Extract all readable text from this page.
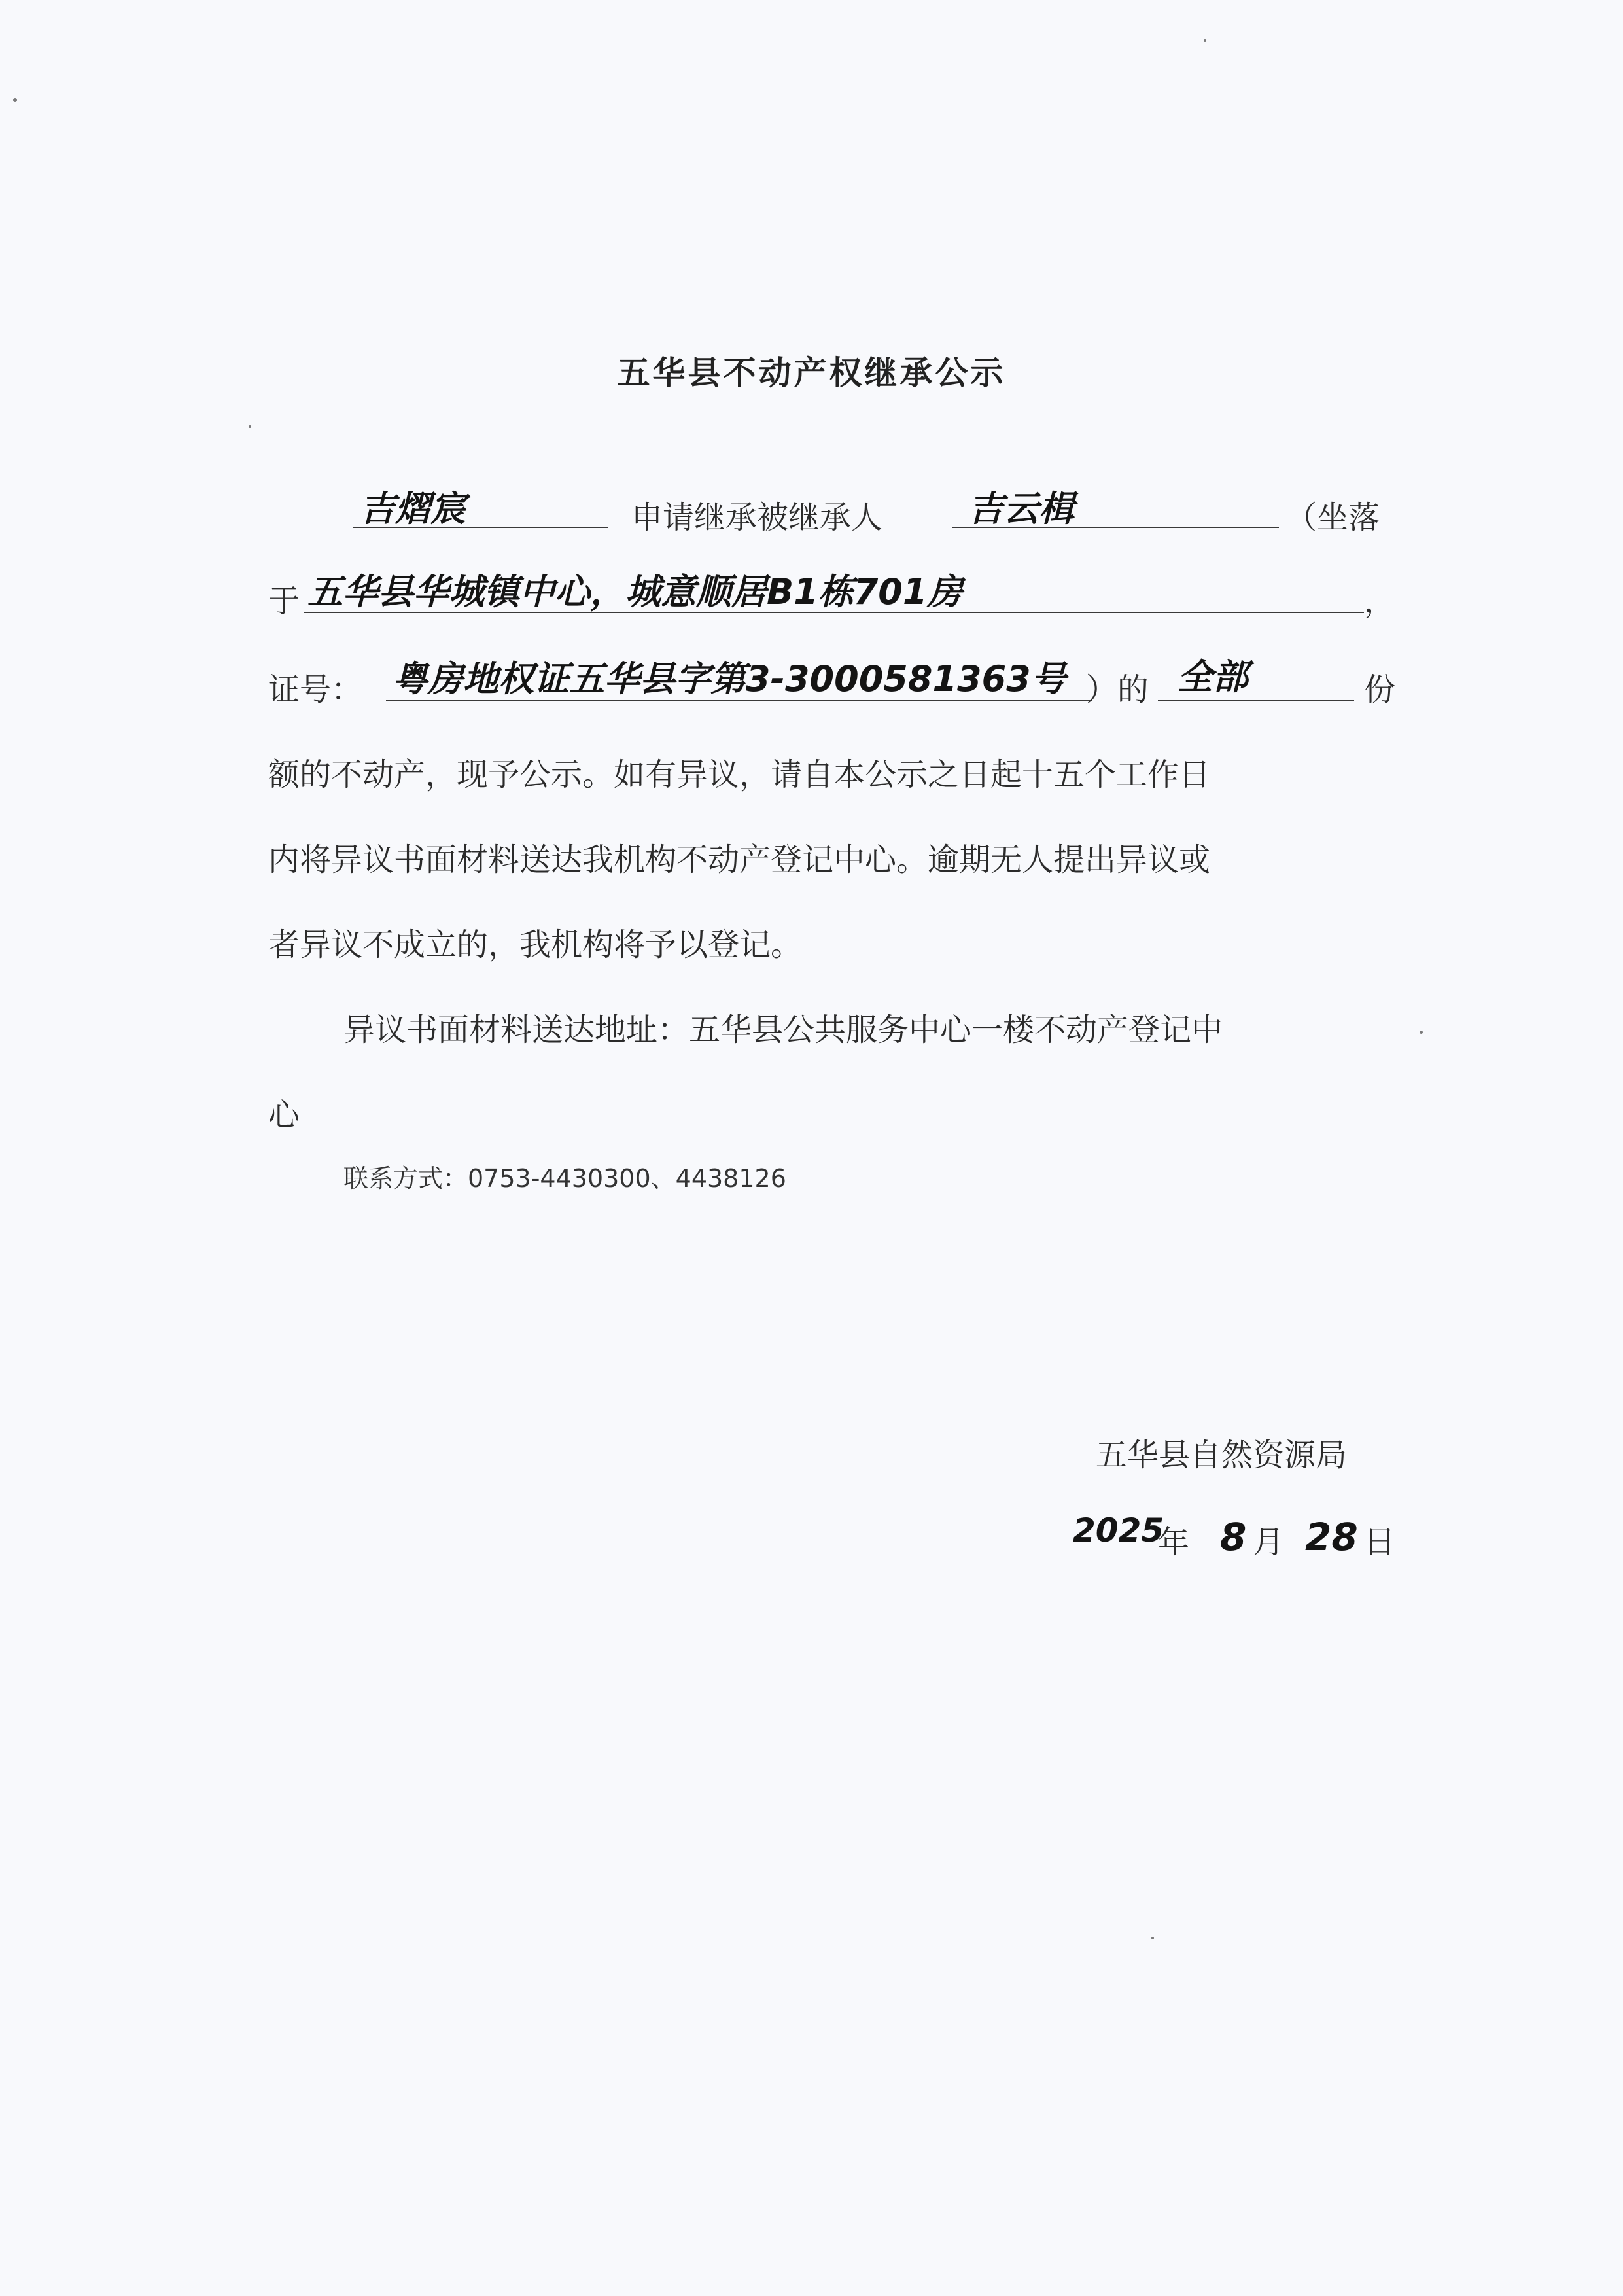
五华县不动产权继承公示
吉熠宸	申请继承被继承人 吉云楫	（坐落
于 五华县华城镇中心，城意顺居B1栋701房	，
证号： 粤房地权证五华县字第3-3000581363号 ）的 全部	份
额的不动产，现予公示。如有异议，请自本公示之日起十五个工作日
内将异议书面材料送达我机构不动产登记中心。逾期无人提出异议或
者异议不成立的，我机构将予以登记。
异议书面材料送达地址：五华县公共服务中心一楼不动产登记中
心
联系方式：0753-4430300、4438126
五华县自然资源局
2025
年 8 月 28 日
